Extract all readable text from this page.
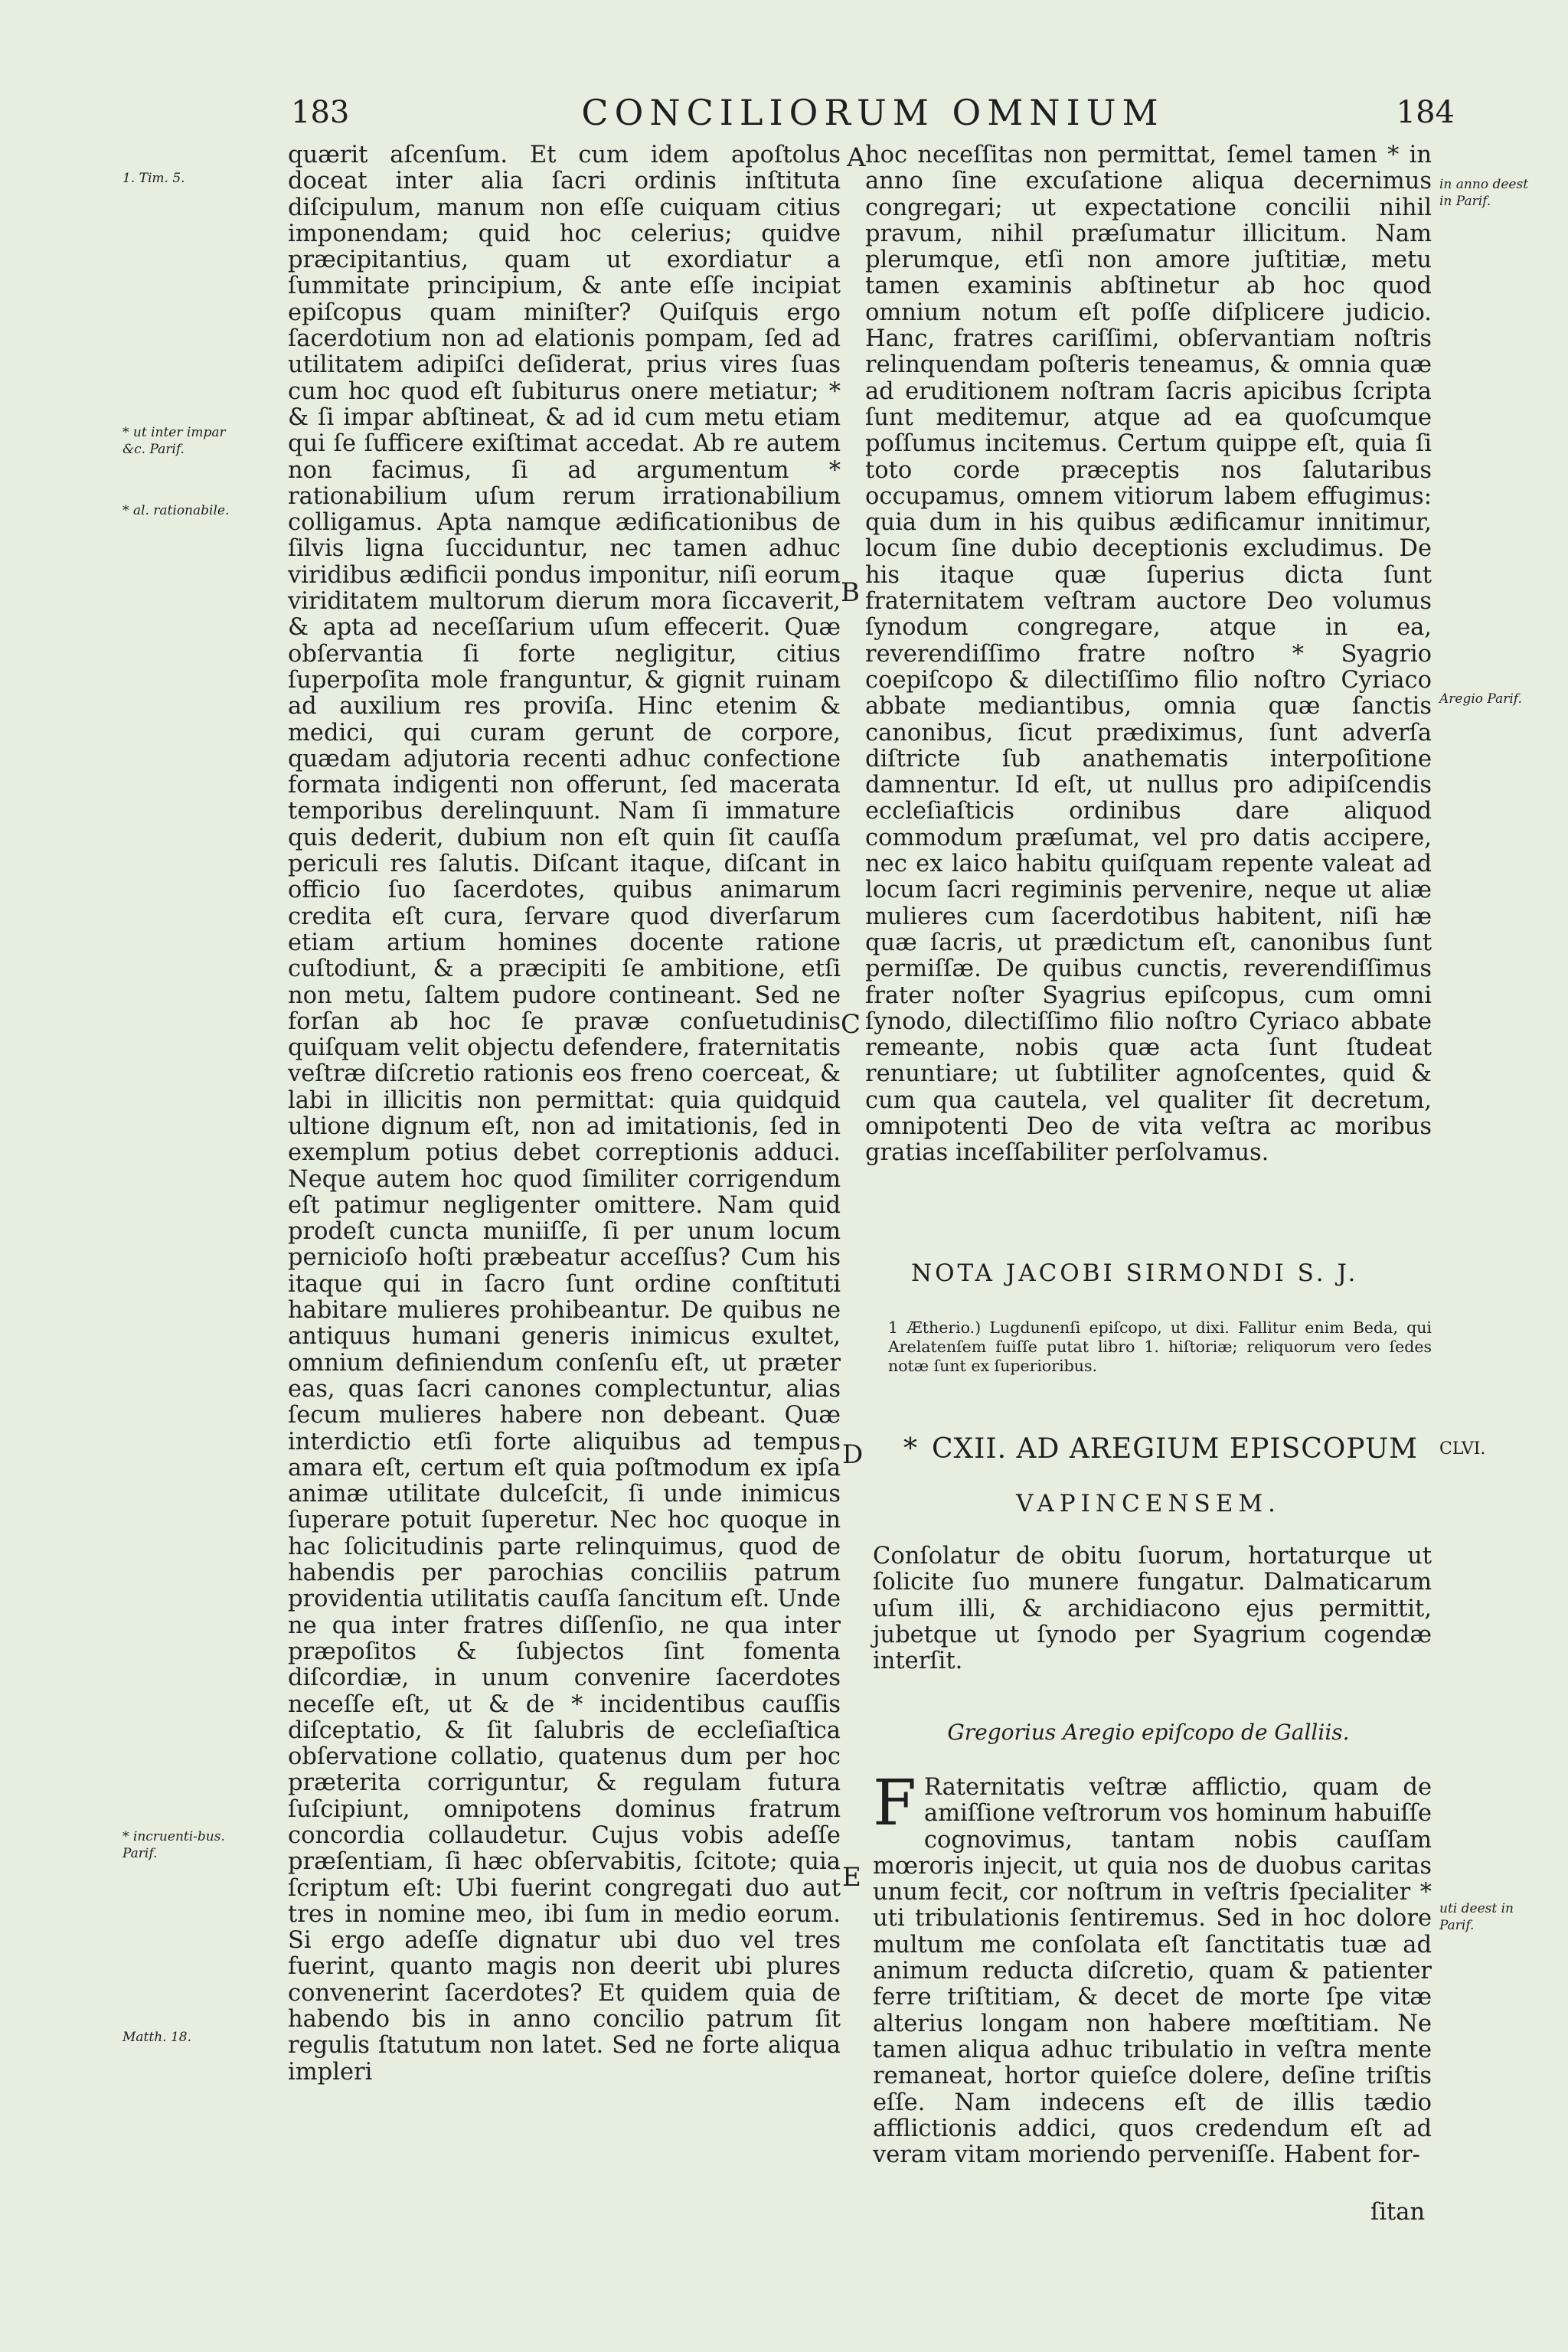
183	CONCILIORUM OMNIUM	184
1. Tim. 5.
* ut inter impar &c. Parif.
* al. rationabile.
* incruenti-bus. Parif.
Matth. 18.
in anno deest in Parif.
Aregio Parif.
CLVI.
uti deest in Parif.
A
B
C
D
E

quærit aſcenſum. Et cum idem apoſtolus doceat inter alia ſacri ordinis inſtituta diſcipulum, manum non eſſe cuiquam citius imponendam; quid hoc celerius; quidve præcipitantius, quam ut exordiatur a ſummitate principium, & ante eſſe incipiat epiſcopus quam miniſter? Quiſquis ergo ſacerdotium non ad elationis pompam, ſed ad utilitatem adipiſci deſiderat, prius vires ſuas cum hoc quod eſt ſubiturus onere metiatur; * & ſi impar abſtineat, & ad id cum metu etiam qui ſe ſufficere exiſtimat accedat. Ab re autem non facimus, ſi ad argumentum * rationabilium uſum rerum irrationabilium colligamus. Apta namque ædificationibus de ſilvis ligna ſucciduntur, nec tamen adhuc viridibus ædificii pondus imponitur, niſi eorum viriditatem multorum dierum mora ſiccaverit, & apta ad neceſſarium uſum effecerit. Quæ obſervantia ſi forte negligitur, citius ſuperpoſita mole franguntur, & gignit ruinam ad auxilium res proviſa. Hinc etenim & medici, qui curam gerunt de corpore, quædam adjutoria recenti adhuc confectione formata indigenti non offerunt, ſed macerata temporibus derelinquunt. Nam ſi immature quis dederit, dubium non eſt quin ſit cauſſa periculi res ſalutis. Diſcant itaque, diſcant in officio ſuo ſacerdotes, quibus animarum credita eſt cura, ſervare quod diverſarum etiam artium homines docente ratione cuſtodiunt, & a præcipiti ſe ambitione, etſi non metu, ſaltem pudore contineant. Sed ne forſan ab hoc ſe pravæ conſuetudinis quiſquam velit objectu defendere, fraternitatis veſtræ diſcretio rationis eos freno coerceat, & labi in illicitis non permittat: quia quidquid ultione dignum eſt, non ad imitationis, ſed in exemplum potius debet correptionis adduci. Neque autem hoc quod ſimiliter corrigendum eſt patimur negligenter omittere. Nam quid prodeſt cuncta muniiſſe, ſi per unum locum pernicioſo hoſti præbeatur acceſſus? Cum his itaque qui in ſacro ſunt ordine conſtituti habitare mulieres prohibeantur. De quibus ne antiquus humani generis inimicus exultet, omnium definiendum conſenſu eſt, ut præter eas, quas ſacri canones complectuntur, alias ſecum mulieres habere non debeant. Quæ interdictio etſi forte aliquibus ad tempus amara eſt, certum eſt quia poſtmodum ex ipſa animæ utilitate dulceſcit, ſi unde inimicus ſuperare potuit ſuperetur. Nec hoc quoque in hac ſolicitudinis parte relinquimus, quod de habendis per parochias conciliis patrum providentia utilitatis cauſſa ſancitum eſt. Unde ne qua inter fratres diſſenſio, ne qua inter præpoſitos & ſubjectos ſint fomenta diſcordiæ, in unum convenire ſacerdotes neceſſe eſt, ut & de * incidentibus cauſſis diſceptatio, & ſit ſalubris de eccleſiaſtica obſervatione collatio, quatenus dum per hoc præterita corriguntur, & regulam futura ſuſcipiunt, omnipotens dominus fratrum concordia collaudetur. Cujus vobis adeſſe præſentiam, ſi hæc obſervabitis, ſcitote; quia ſcriptum eſt: Ubi fuerint congregati duo aut tres in nomine meo, ibi ſum in medio eorum. Si ergo adeſſe dignatur ubi duo vel tres fuerint, quanto magis non deerit ubi plures convenerint ſacerdotes? Et quidem quia de habendo bis in anno concilio patrum ſit regulis ſtatutum non latet. Sed ne forte aliqua impleri

hoc neceſſitas non permittat, ſemel tamen * in anno ſine excuſatione aliqua decernimus congregari; ut expectatione concilii nihil pravum, nihil præſumatur illicitum. Nam plerumque, etſi non amore juſtitiæ, metu tamen examinis abſtinetur ab hoc quod omnium notum eſt poſſe diſplicere judicio. Hanc, fratres cariſſimi, obſervantiam noſtris relinquendam poſteris teneamus, & omnia quæ ad eruditionem noſtram ſacris apicibus ſcripta ſunt meditemur, atque ad ea quoſcumque poſſumus incitemus. Certum quippe eſt, quia ſi toto corde præceptis nos ſalutaribus occupamus, omnem vitiorum labem effugimus: quia dum in his quibus ædificamur innitimur, locum ſine dubio deceptionis excludimus. De his itaque quæ ſuperius dicta ſunt fraternitatem veſtram auctore Deo volumus ſynodum congregare, atque in ea, reverendiſſimo fratre noſtro * Syagrio coepiſcopo & dilectiſſimo filio noſtro Cyriaco abbate mediantibus, omnia quæ ſanctis canonibus, ſicut prædiximus, ſunt adverſa diſtricte ſub anathematis interpoſitione damnentur. Id eſt, ut nullus pro adipiſcendis eccleſiaſticis ordinibus dare aliquod commodum præſumat, vel pro datis accipere, nec ex laico habitu quiſquam repente valeat ad locum ſacri regiminis pervenire, neque ut aliæ mulieres cum ſacerdotibus habitent, niſi hæ quæ ſacris, ut prædictum eſt, canonibus ſunt permiſſæ. De quibus cunctis, reverendiſſimus frater noſter Syagrius epiſcopus, cum omni ſynodo, dilectiſſimo filio noſtro Cyriaco abbate remeante, nobis quæ acta ſunt ſtudeat renuntiare; ut ſubtiliter agnoſcentes, quid & cum qua cautela, vel qualiter ſit decretum, omnipotenti Deo de vita veſtra ac moribus gratias inceſſabiliter perſolvamus.

NOTA JACOBI SIRMONDI S. J.
1 Ætherio.) Lugdunenſi epiſcopo, ut dixi. Fallitur enim Beda, qui Arelatenſem fuiſſe putat libro 1. hiſtoriæ; reliquorum vero ſedes notæ ſunt ex ſuperioribus.
* CXII. AD AREGIUM EPISCOPUM
VAPINCENSEM.
Conſolatur de obitu ſuorum, hortaturque ut ſolicite ſuo munere fungatur. Dalmaticarum uſum illi, & archidiacono ejus permittit, jubetque ut ſynodo per Syagrium cogendæ interſit.
Gregorius Aregio epiſcopo de Galliis.
F Raternitatis veſtræ afflictio, quam de amiſſione veſtrorum vos hominum habuiſſe cognovimus, tantam nobis cauſſam mœroris injecit, ut quia nos de duobus caritas unum fecit, cor noſtrum in veſtris ſpecialiter * uti tribulationis ſentiremus. Sed in hoc dolore multum me conſolata eſt ſanctitatis tuæ ad animum reducta diſcretio, quam & patienter ferre triſtitiam, & decet de morte ſpe vitæ alterius longam non habere mœſtitiam. Ne tamen aliqua adhuc tribulatio in veſtra mente remaneat, hortor quieſce dolere, deſine triſtis eſſe. Nam indecens eſt de illis tædio afflictionis addici, quos credendum eſt ad veram vitam moriendo perveniſſe. Habent for-
ſitan
